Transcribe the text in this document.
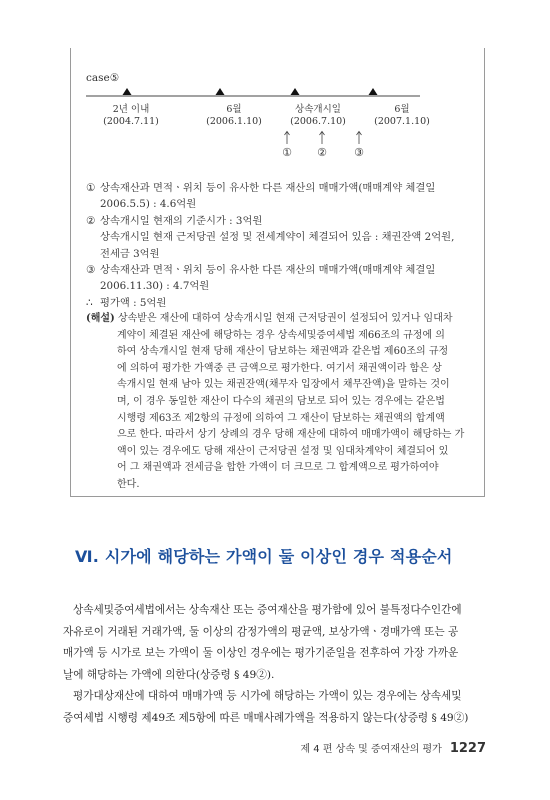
case⑤
2년 이내
(2004.7.11)
6월
(2006.1.10)
상속개시일
(2006.7.10)
6월
(2007.1.10)
① ② ③

① 상속재산과 면적ㆍ위치 등이 유사한 다른 재산의 매매가액(매매계약 체결일

2006.5.5) : 4.6억원

② 상속개시일 현재의 기준시가 : 3억원

상속개시일 현재 근저당권 설정 및 전세계약이 체결되어 있음 : 채권잔액 2억원,

전세금 3억원

③ 상속재산과 면적ㆍ위치 등이 유사한 다른 재산의 매매가액(매매계약 체결일

2006.11.30) : 4.7억원

∴ 평가액 : 5억원

(해설) 상속받은 재산에 대하여 상속개시일 현재 근저당권이 설정되어 있거나 임대차

계약이 체결된 재산에 해당하는 경우 상속세및증여세법 제66조의 규정에 의

하여 상속개시일 현재 당해 재산이 담보하는 채권액과 같은법 제60조의 규정

에 의하여 평가한 가액중 큰 금액으로 평가한다. 여기서 채권액이라 함은 상

속개시일 현재 남아 있는 채권잔액(채무자 입장에서 채무잔액)을 말하는 것이

며, 이 경우 동일한 재산이 다수의 채권의 담보로 되어 있는 경우에는 같은법

시행령 제63조 제2항의 규정에 의하여 그 재산이 담보하는 채권액의 합계액

으로 한다. 따라서 상기 상례의 경우 당해 재산에 대하여 매매가액이 해당하는 가

액이 있는 경우에도 당해 재산이 근저당권 설정 및 임대차계약이 체결되어 있

어 그 채권액과 전세금을 합한 가액이 더 크므로 그 합계액으로 평가하여야

한다.

Ⅵ. 시가에 해당하는 가액이 둘 이상인 경우 적용순서

상속세및증여세법에서는 상속재산 또는 증여재산을 평가함에 있어 불특정다수인간에

자유로이 거래된 거래가액, 둘 이상의 감정가액의 평균액, 보상가액ㆍ경매가액 또는 공

매가액 등 시가로 보는 가액이 둘 이상인 경우에는 평가기준일을 전후하여 가장 가까운

날에 해당하는 가액에 의한다(상증령 § 49②).

평가대상재산에 대하여 매매가액 등 시가에 해당하는 가액이 있는 경우에는 상속세및

증여세법 시행령 제49조 제5항에 따른 매매사례가액을 적용하지 않는다(상증령 § 49②)

제 4 편 상속 및 증여재산의 평가 1227
